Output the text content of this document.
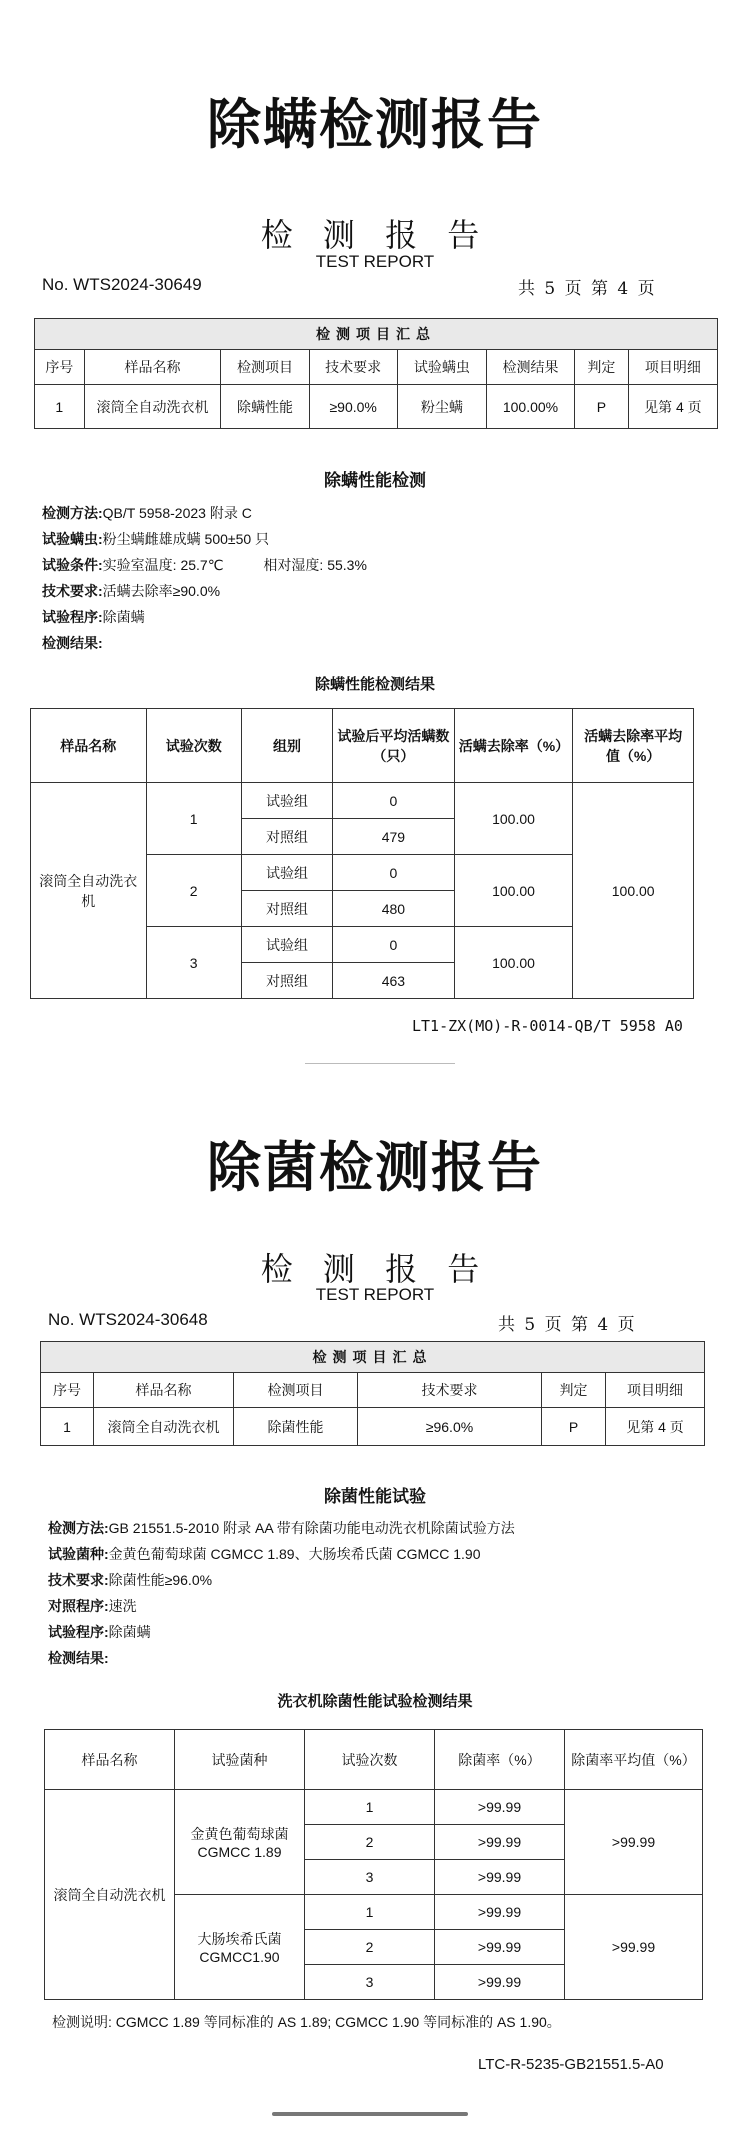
除螨检测报告
检 测 报 告
TEST REPORT
No. WTS2024-30649	共 5 页 第 4 页
检测项目汇总							
序号	样品名称	检测项目	技术要求	试验螨虫	检测结果	判定	项目明细
1	滚筒全自动洗衣机	除螨性能	≥90.0%	粉尘螨	100.00%	P	见第 4 页
除螨性能检测
检测方法:QB/T 5958-2023 附录 C
试验螨虫:粉尘螨雌雄成螨 500±50 只
试验条件:实验室温度: 25.7℃	相对湿度: 55.3%
技术要求:活螨去除率≥90.0%
试验程序:除菌螨
检测结果:
除螨性能检测结果
样品名称	试验次数	组别	试验后平均活螨数（只）	活螨去除率（%）	活螨去除率平均值（%）
滚筒全自动洗衣机	1	试验组	0	100.00	100.00
		对照组	479		
	2	试验组	0	100.00	
		对照组	480		
	3	试验组	0	100.00	
		对照组	463		
LT1-ZX(MO)-R-0014-QB/T 5958 A0
除菌检测报告
检 测 报 告
TEST REPORT
No. WTS2024-30648	共 5 页 第 4 页
检测项目汇总					
序号	样品名称	检测项目	技术要求	判定	项目明细
1	滚筒全自动洗衣机	除菌性能	≥96.0%	P	见第 4 页
除菌性能试验
检测方法:GB 21551.5-2010 附录 AA 带有除菌功能电动洗衣机除菌试验方法
试验菌种:金黄色葡萄球菌 CGMCC 1.89、大肠埃希氏菌 CGMCC 1.90
技术要求:除菌性能≥96.0%
对照程序:速洗
试验程序:除菌螨
检测结果:
洗衣机除菌性能试验检测结果
样品名称	试验菌种	试验次数	除菌率（%）	除菌率平均值（%）
滚筒全自动洗衣机	金黄色葡萄球菌 CGMCC 1.89	1	>99.99	>99.99
		2	>99.99	
		3	>99.99	
	大肠埃希氏菌 CGMCC1.90	1	>99.99	>99.99
		2	>99.99	
		3	>99.99	
检测说明: CGMCC 1.89 等同标准的 AS 1.89; CGMCC 1.90 等同标准的 AS 1.90。
LTC-R-5235-GB21551.5-A0
